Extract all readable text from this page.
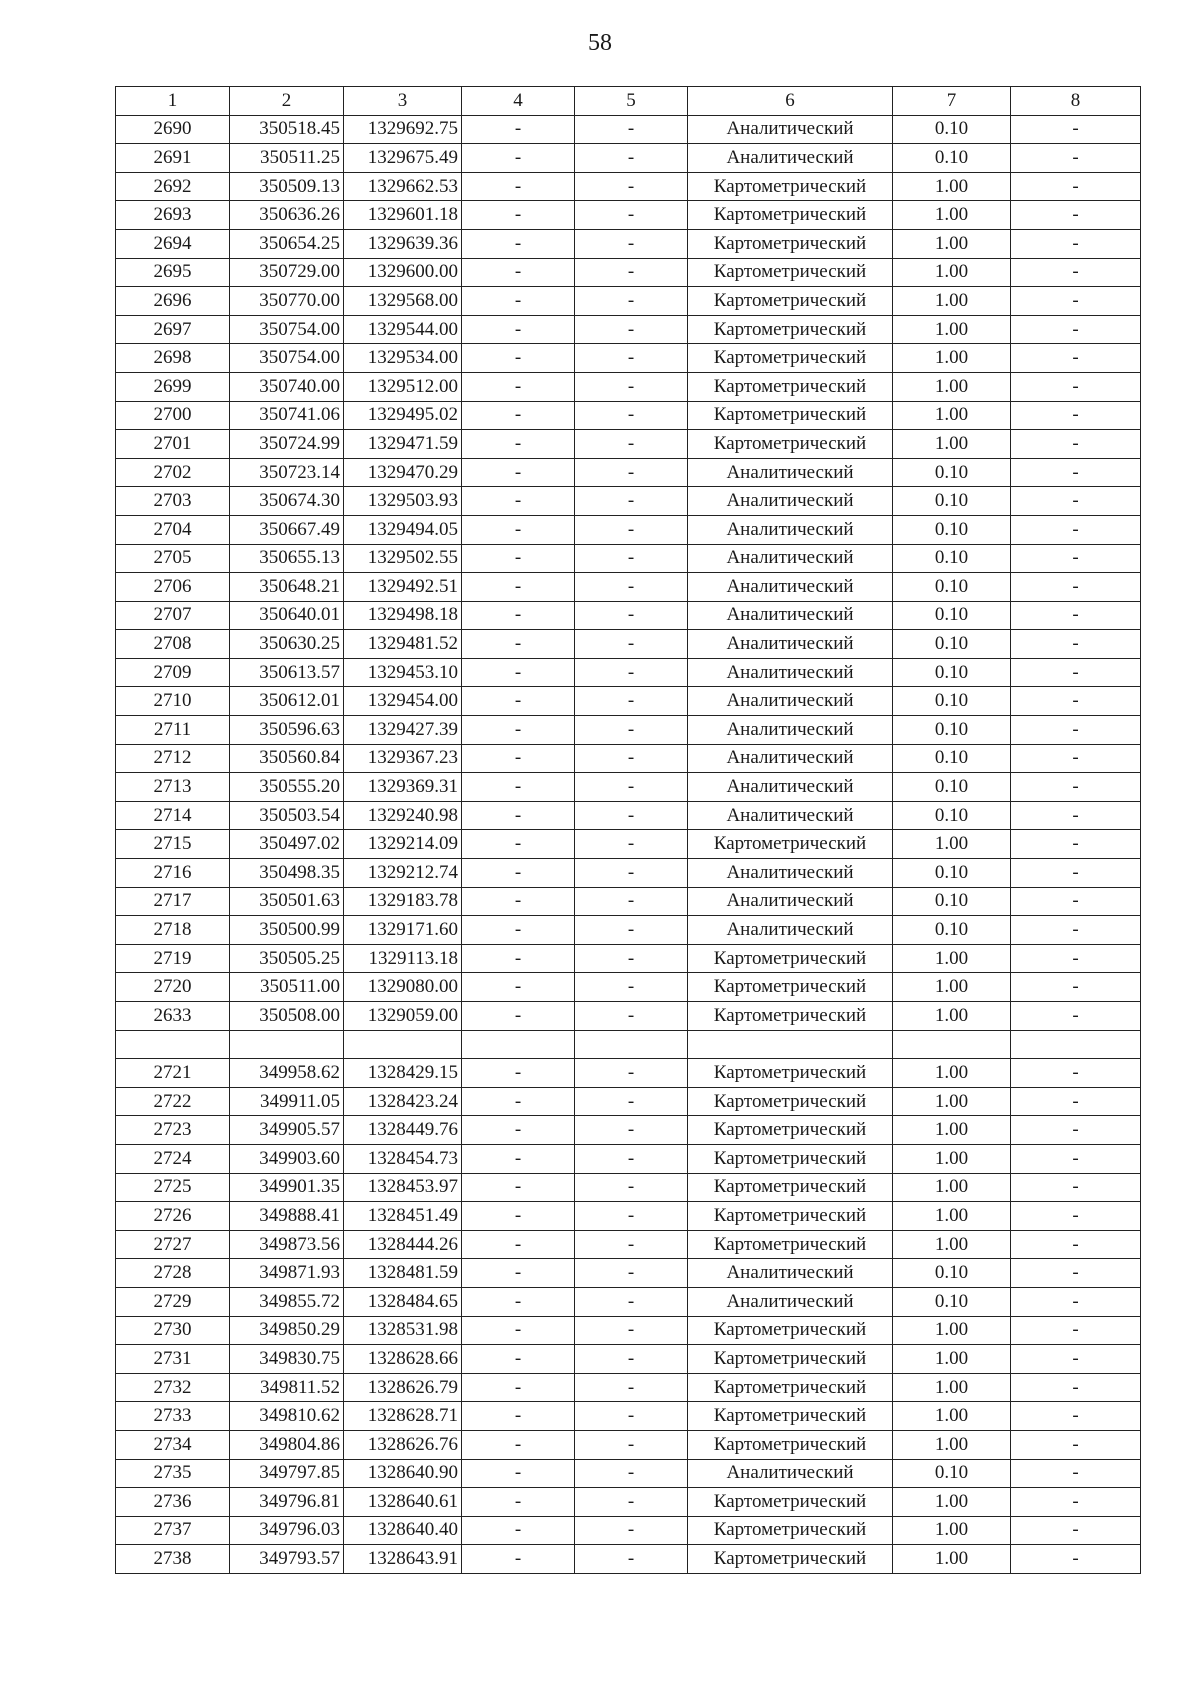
58
1	2	3	4	5	6	7	8
2690	350518.45	1329692.75	-	-	Аналитический	0.10	-
2691	350511.25	1329675.49	-	-	Аналитический	0.10	-
2692	350509.13	1329662.53	-	-	Картометрический	1.00	-
2693	350636.26	1329601.18	-	-	Картометрический	1.00	-
2694	350654.25	1329639.36	-	-	Картометрический	1.00	-
2695	350729.00	1329600.00	-	-	Картометрический	1.00	-
2696	350770.00	1329568.00	-	-	Картометрический	1.00	-
2697	350754.00	1329544.00	-	-	Картометрический	1.00	-
2698	350754.00	1329534.00	-	-	Картометрический	1.00	-
2699	350740.00	1329512.00	-	-	Картометрический	1.00	-
2700	350741.06	1329495.02	-	-	Картометрический	1.00	-
2701	350724.99	1329471.59	-	-	Картометрический	1.00	-
2702	350723.14	1329470.29	-	-	Аналитический	0.10	-
2703	350674.30	1329503.93	-	-	Аналитический	0.10	-
2704	350667.49	1329494.05	-	-	Аналитический	0.10	-
2705	350655.13	1329502.55	-	-	Аналитический	0.10	-
2706	350648.21	1329492.51	-	-	Аналитический	0.10	-
2707	350640.01	1329498.18	-	-	Аналитический	0.10	-
2708	350630.25	1329481.52	-	-	Аналитический	0.10	-
2709	350613.57	1329453.10	-	-	Аналитический	0.10	-
2710	350612.01	1329454.00	-	-	Аналитический	0.10	-
2711	350596.63	1329427.39	-	-	Аналитический	0.10	-
2712	350560.84	1329367.23	-	-	Аналитический	0.10	-
2713	350555.20	1329369.31	-	-	Аналитический	0.10	-
2714	350503.54	1329240.98	-	-	Аналитический	0.10	-
2715	350497.02	1329214.09	-	-	Картометрический	1.00	-
2716	350498.35	1329212.74	-	-	Аналитический	0.10	-
2717	350501.63	1329183.78	-	-	Аналитический	0.10	-
2718	350500.99	1329171.60	-	-	Аналитический	0.10	-
2719	350505.25	1329113.18	-	-	Картометрический	1.00	-
2720	350511.00	1329080.00	-	-	Картометрический	1.00	-
2633	350508.00	1329059.00	-	-	Картометрический	1.00	-

2721	349958.62	1328429.15	-	-	Картометрический	1.00	-
2722	349911.05	1328423.24	-	-	Картометрический	1.00	-
2723	349905.57	1328449.76	-	-	Картометрический	1.00	-
2724	349903.60	1328454.73	-	-	Картометрический	1.00	-
2725	349901.35	1328453.97	-	-	Картометрический	1.00	-
2726	349888.41	1328451.49	-	-	Картометрический	1.00	-
2727	349873.56	1328444.26	-	-	Картометрический	1.00	-
2728	349871.93	1328481.59	-	-	Аналитический	0.10	-
2729	349855.72	1328484.65	-	-	Аналитический	0.10	-
2730	349850.29	1328531.98	-	-	Картометрический	1.00	-
2731	349830.75	1328628.66	-	-	Картометрический	1.00	-
2732	349811.52	1328626.79	-	-	Картометрический	1.00	-
2733	349810.62	1328628.71	-	-	Картометрический	1.00	-
2734	349804.86	1328626.76	-	-	Картометрический	1.00	-
2735	349797.85	1328640.90	-	-	Аналитический	0.10	-
2736	349796.81	1328640.61	-	-	Картометрический	1.00	-
2737	349796.03	1328640.40	-	-	Картометрический	1.00	-
2738	349793.57	1328643.91	-	-	Картометрический	1.00	-
